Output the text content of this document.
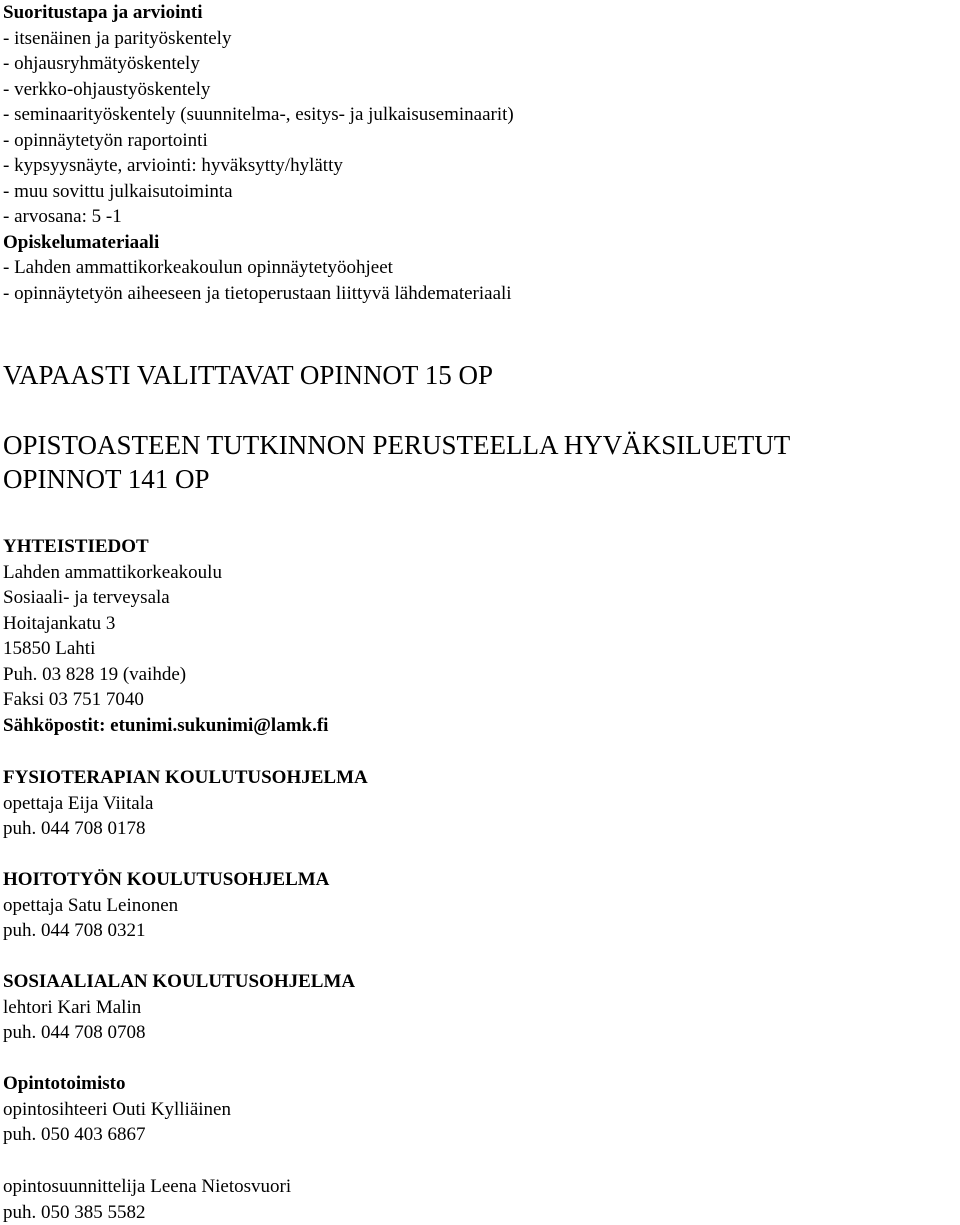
Suoritustapa ja arviointi

- itsenäinen ja parityöskentely

- ohjausryhmätyöskentely

- verkko-ohjaustyöskentely

- seminaarityöskentely (suunnitelma-, esitys- ja julkaisuseminaarit)

- opinnäytetyön raportointi

- kypsyysnäyte, arviointi: hyväksytty/hylätty

- muu sovittu julkaisutoiminta

- arvosana: 5 -1

Opiskelumateriaali

- Lahden ammattikorkeakoulun opinnäytetyöohjeet

- opinnäytetyön aiheeseen ja tietoperustaan liittyvä lähdemateriaali

VAPAASTI VALITTAVAT OPINNOT 15 OP

OPISTOASTEEN TUTKINNON PERUSTEELLA HYVÄKSILUETUT

OPINNOT 141 OP

YHTEISTIEDOT

Lahden ammattikorkeakoulu

Sosiaali- ja terveysala

Hoitajankatu 3

15850 Lahti

Puh. 03 828 19 (vaihde)

Faksi 03 751 7040

Sähköpostit: etunimi.sukunimi@lamk.fi

FYSIOTERAPIAN KOULUTUSOHJELMA

opettaja Eija Viitala

puh. 044 708 0178

HOITOTYÖN KOULUTUSOHJELMA

opettaja Satu Leinonen

puh. 044 708 0321

SOSIAALIALAN KOULUTUSOHJELMA

lehtori Kari Malin

puh. 044 708 0708

Opintotoimisto

opintosihteeri Outi Kylliäinen

puh. 050 403 6867

opintosuunnittelija Leena Nietosvuori

puh. 050 385 5582
